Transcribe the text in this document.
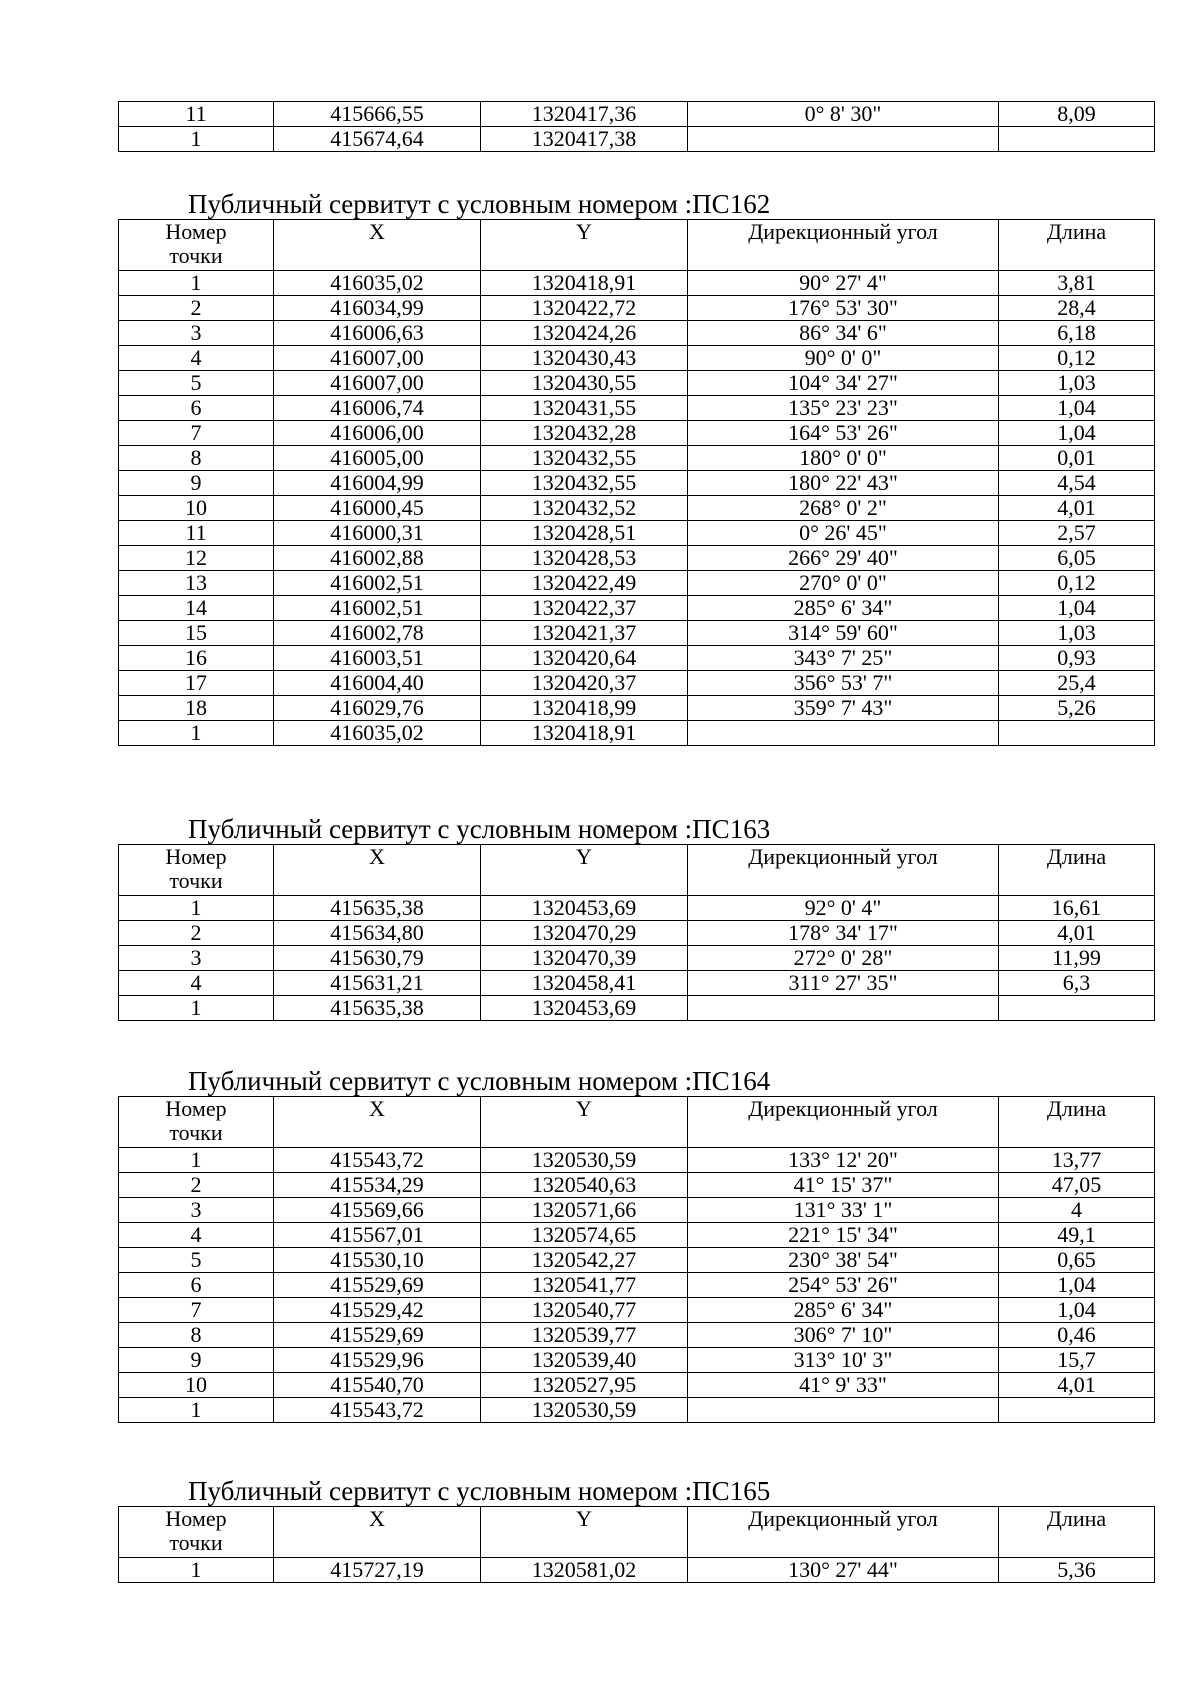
11	415666,55	1320417,36	0° 8' 30"	8,09
1	415674,64	1320417,38		
Публичный сервитут с условным номером :ПС162
Номер
точки	X	Y	Дирекционный угол	Длина
1	416035,02	1320418,91	90° 27' 4"	3,81
2	416034,99	1320422,72	176° 53' 30"	28,4
3	416006,63	1320424,26	86° 34' 6"	6,18
4	416007,00	1320430,43	90° 0' 0"	0,12
5	416007,00	1320430,55	104° 34' 27"	1,03
6	416006,74	1320431,55	135° 23' 23"	1,04
7	416006,00	1320432,28	164° 53' 26"	1,04
8	416005,00	1320432,55	180° 0' 0"	0,01
9	416004,99	1320432,55	180° 22' 43"	4,54
10	416000,45	1320432,52	268° 0' 2"	4,01
11	416000,31	1320428,51	0° 26' 45"	2,57
12	416002,88	1320428,53	266° 29' 40"	6,05
13	416002,51	1320422,49	270° 0' 0"	0,12
14	416002,51	1320422,37	285° 6' 34"	1,04
15	416002,78	1320421,37	314° 59' 60"	1,03
16	416003,51	1320420,64	343° 7' 25"	0,93
17	416004,40	1320420,37	356° 53' 7"	25,4
18	416029,76	1320418,99	359° 7' 43"	5,26
1	416035,02	1320418,91		
Публичный сервитут с условным номером :ПС163
Номер
точки	X	Y	Дирекционный угол	Длина
1	415635,38	1320453,69	92° 0' 4"	16,61
2	415634,80	1320470,29	178° 34' 17"	4,01
3	415630,79	1320470,39	272° 0' 28"	11,99
4	415631,21	1320458,41	311° 27' 35"	6,3
1	415635,38	1320453,69		
Публичный сервитут с условным номером :ПС164
Номер
точки	X	Y	Дирекционный угол	Длина
1	415543,72	1320530,59	133° 12' 20"	13,77
2	415534,29	1320540,63	41° 15' 37"	47,05
3	415569,66	1320571,66	131° 33' 1"	4
4	415567,01	1320574,65	221° 15' 34"	49,1
5	415530,10	1320542,27	230° 38' 54"	0,65
6	415529,69	1320541,77	254° 53' 26"	1,04
7	415529,42	1320540,77	285° 6' 34"	1,04
8	415529,69	1320539,77	306° 7' 10"	0,46
9	415529,96	1320539,40	313° 10' 3"	15,7
10	415540,70	1320527,95	41° 9' 33"	4,01
1	415543,72	1320530,59		
Публичный сервитут с условным номером :ПС165
Номер
точки	X	Y	Дирекционный угол	Длина
1	415727,19	1320581,02	130° 27' 44"	5,36
